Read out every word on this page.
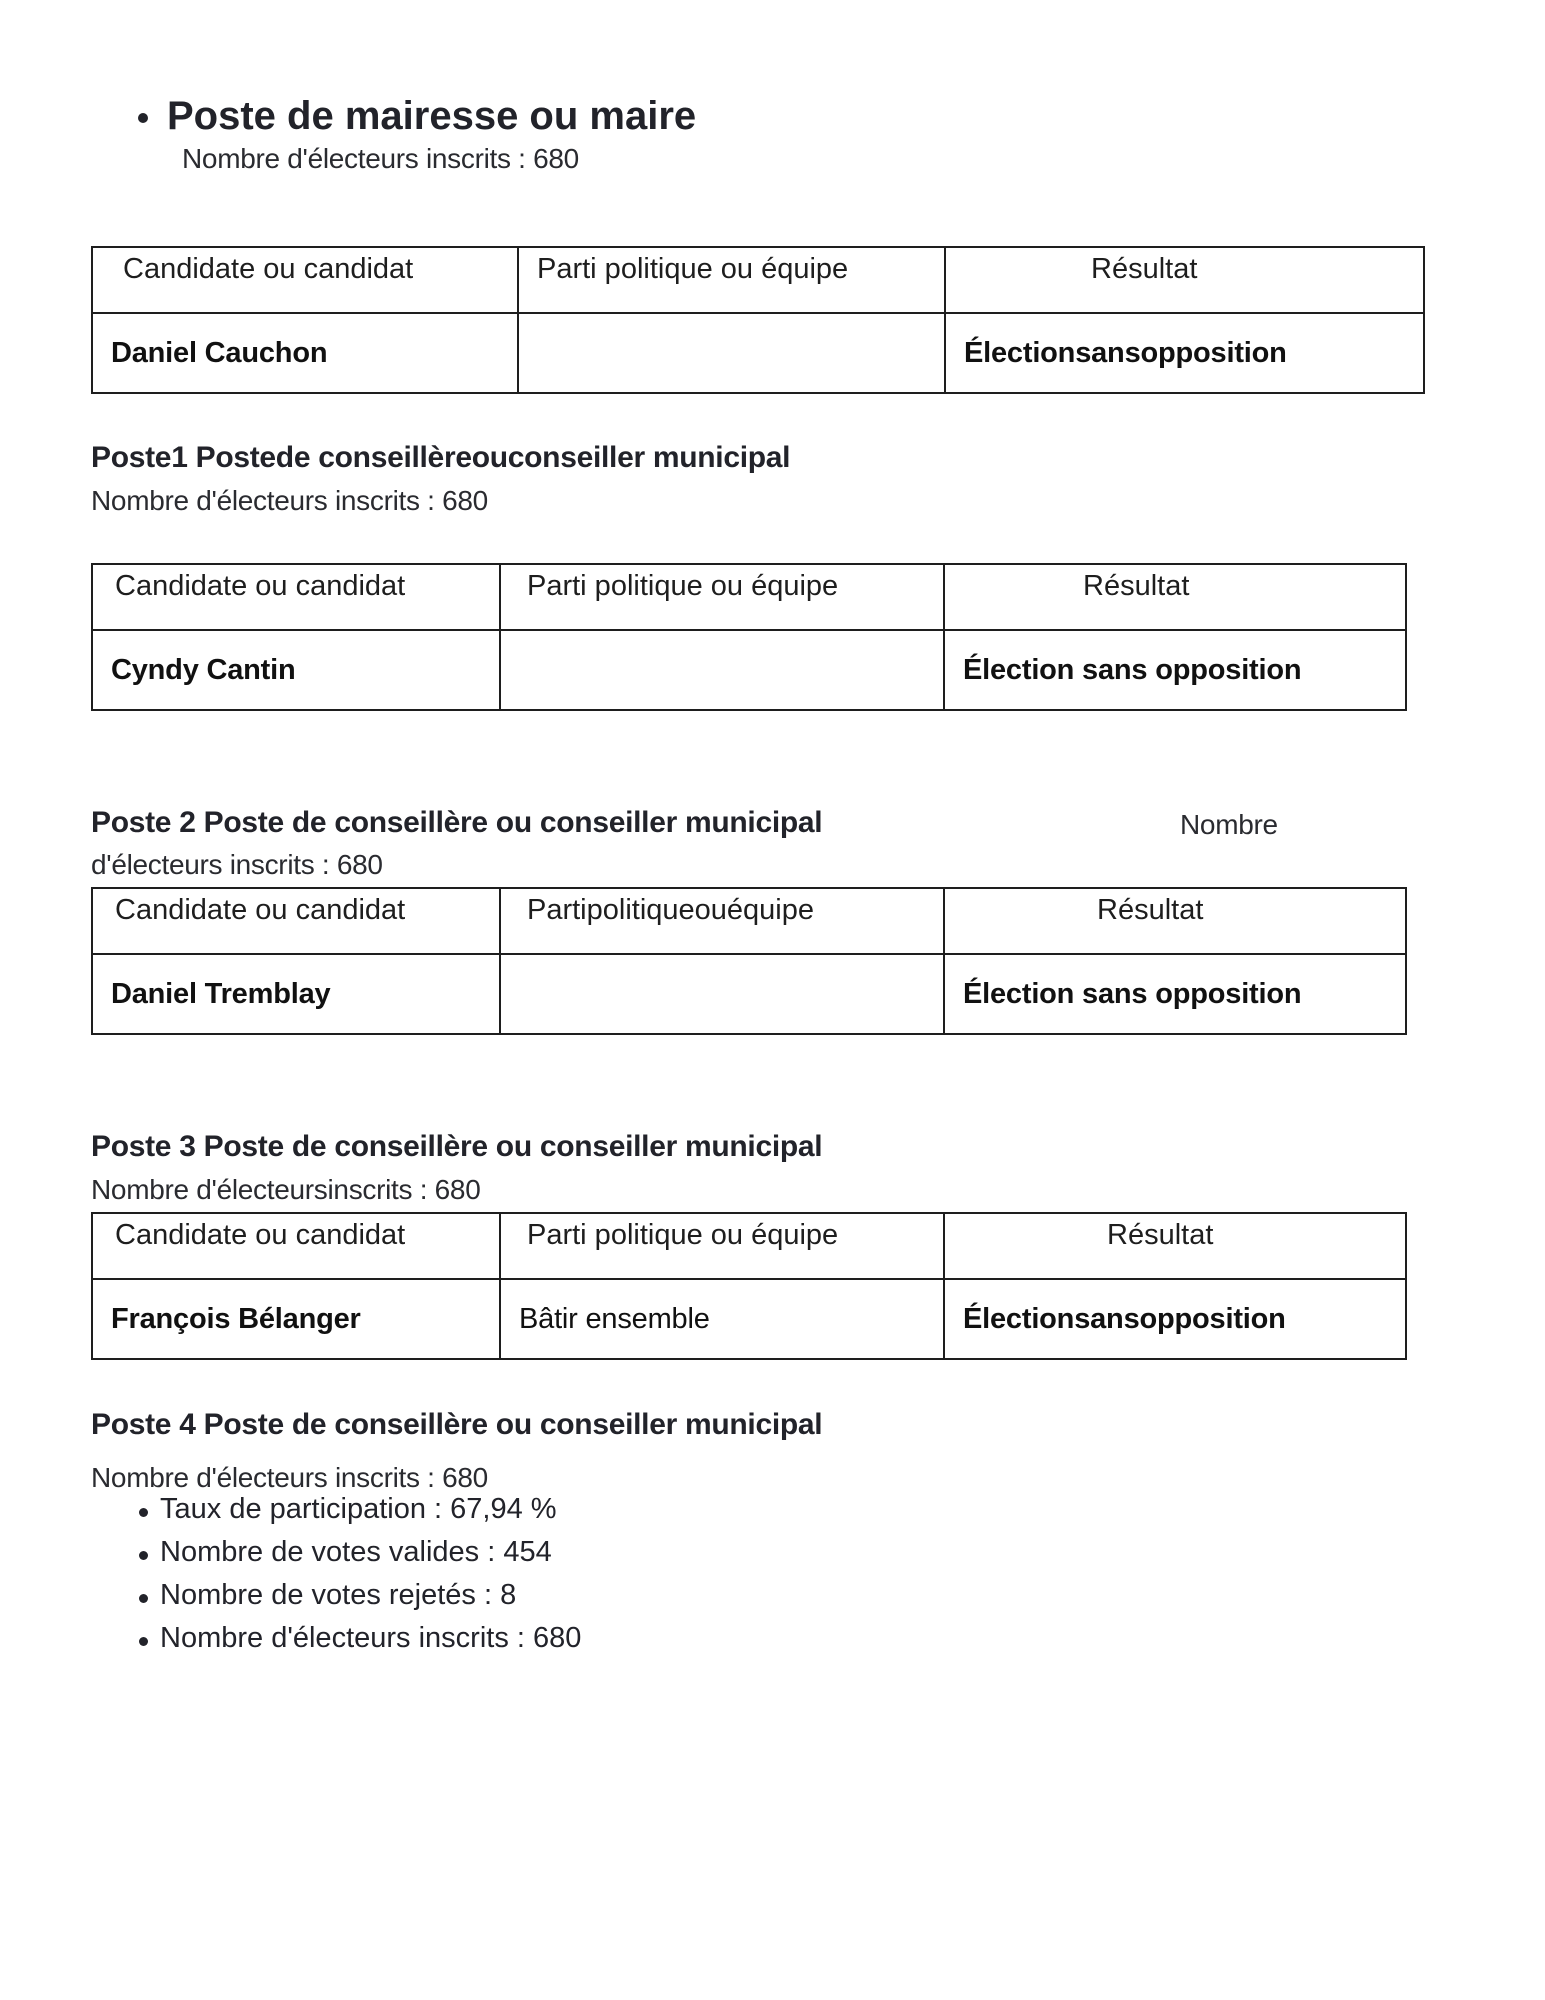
Poste de mairesse ou maire
Nombre d'électeurs inscrits : 680
Candidate ou candidat	Parti politique ou équipe	Résultat

Daniel Cauchon		Électionsansopposition
Poste1 Postede conseillèreouconseiller municipal
Nombre d'électeurs inscrits : 680
Candidate ou candidat	Parti politique ou équipe	Résultat

Cyndy Cantin		Élection sans opposition
Poste 2 Poste de conseillère ou conseiller municipal	Nombre
d'électeurs inscrits : 680
Candidate ou candidat	Partipolitiqueouéquipe	Résultat

Daniel Tremblay		Élection sans opposition
Poste 3 Poste de conseillère ou conseiller municipal
Nombre d'électeursinscrits : 680
Candidate ou candidat	Parti politique ou équipe	Résultat

François Bélanger	Bâtir ensemble	Électionsansopposition
Poste 4 Poste de conseillère ou conseiller municipal
Nombre d'électeurs inscrits : 680
Taux de participation : 67,94 %
Nombre de votes valides : 454
Nombre de votes rejetés : 8
Nombre d'électeurs inscrits : 680
